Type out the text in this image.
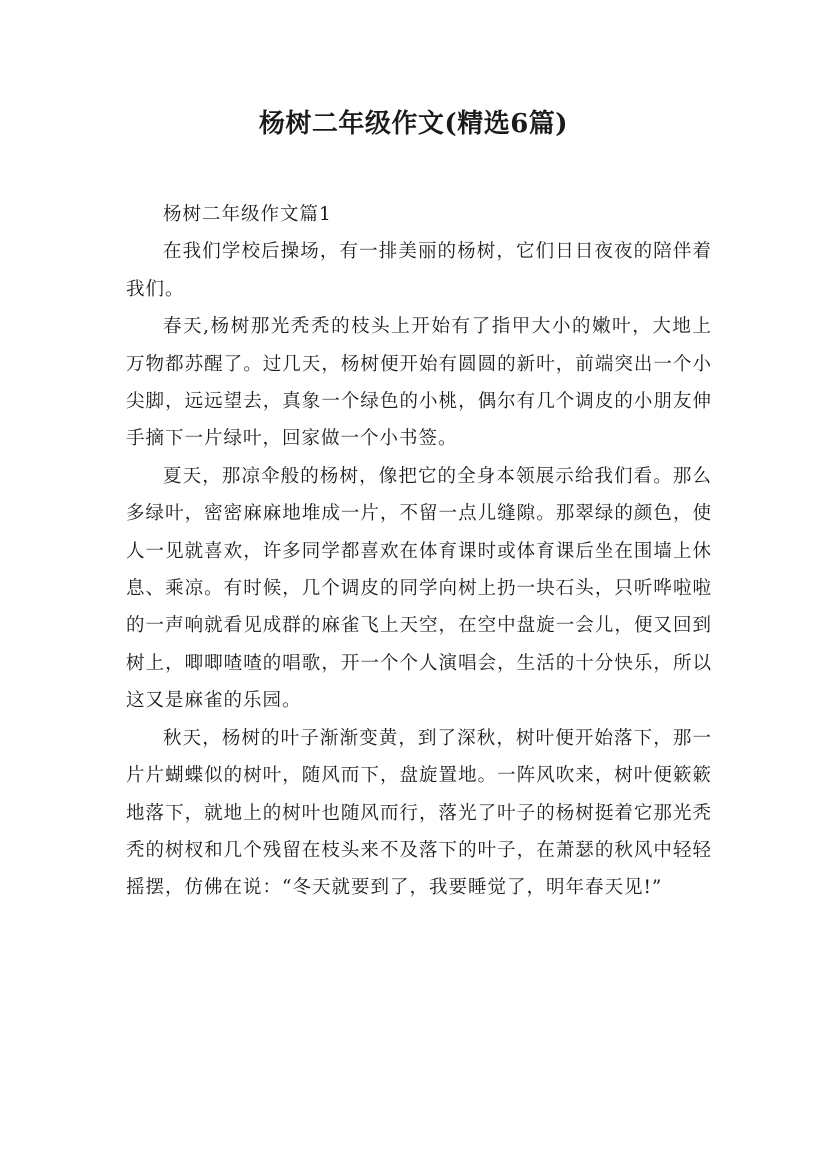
杨树二年级作文(精选6篇)

杨树二年级作文篇1

在我们学校后操场，有一排美丽的杨树，它们日日夜夜的陪伴着我们。

春天,杨树那光秃秃的枝头上开始有了指甲大小的嫩叶，大地上万物都苏醒了。过几天，杨树便开始有圆圆的新叶，前端突出一个小尖脚，远远望去，真象一个绿色的小桃，偶尔有几个调皮的小朋友伸手摘下一片绿叶，回家做一个小书签。

夏天，那凉伞般的杨树，像把它的全身本领展示给我们看。那么多绿叶，密密麻麻地堆成一片，不留一点儿缝隙。那翠绿的颜色，使人一见就喜欢，许多同学都喜欢在体育课时或体育课后坐在围墙上休息、乘凉。有时候，几个调皮的同学向树上扔一块石头，只听哗啦啦的一声响就看见成群的麻雀飞上天空，在空中盘旋一会儿，便又回到树上，唧唧喳喳的唱歌，开一个个人演唱会，生活的十分快乐，所以这又是麻雀的乐园。

秋天，杨树的叶子渐渐变黄，到了深秋，树叶便开始落下，那一片片蝴蝶似的树叶，随风而下，盘旋置地。一阵风吹来，树叶便簌簌地落下，就地上的树叶也随风而行，落光了叶子的杨树挺着它那光秃秃的树杈和几个残留在枝头来不及落下的叶子，在萧瑟的秋风中轻轻摇摆，仿佛在说：“冬天就要到了，我要睡觉了，明年春天见!”
